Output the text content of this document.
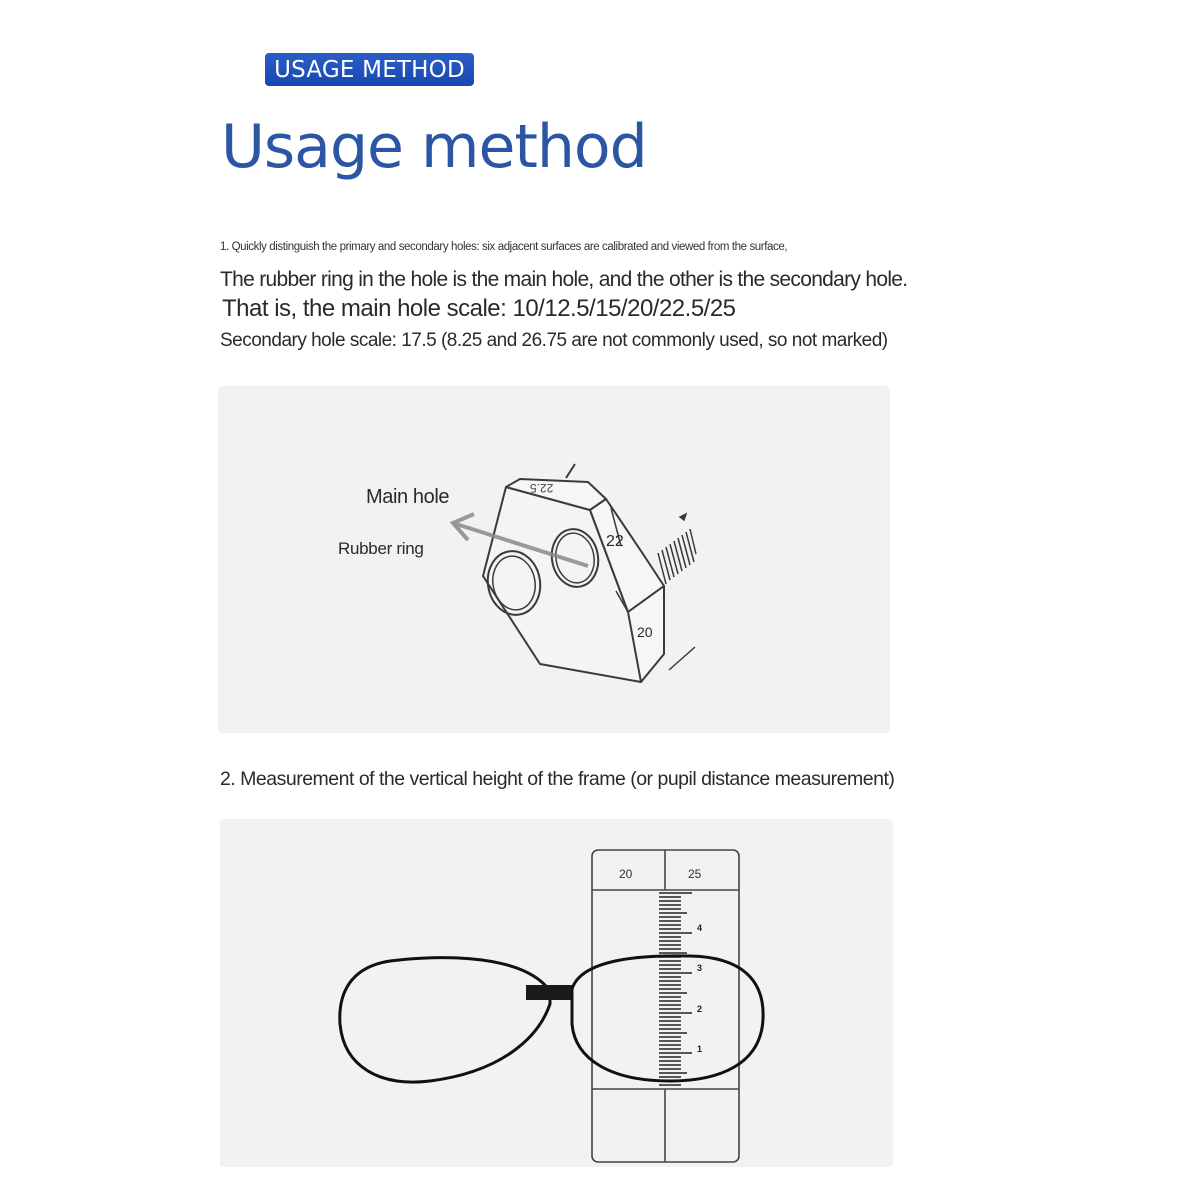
USAGE METHOD
Usage method
1. Quickly distinguish the primary and secondary holes: six adjacent surfaces are calibrated and viewed from the surface,
The rubber ring in the hole is the main hole, and the other is the secondary hole.
That is, the main hole scale: 10/12.5/15/20/22.5/25
Secondary hole scale: 17.5 (8.25 and 26.75 are not commonly used, so not marked)
Main hole
Rubber ring
22.5
22
20
2. Measurement of the vertical height of the frame (or pupil distance measurement)
20	25
4
3
2
1
